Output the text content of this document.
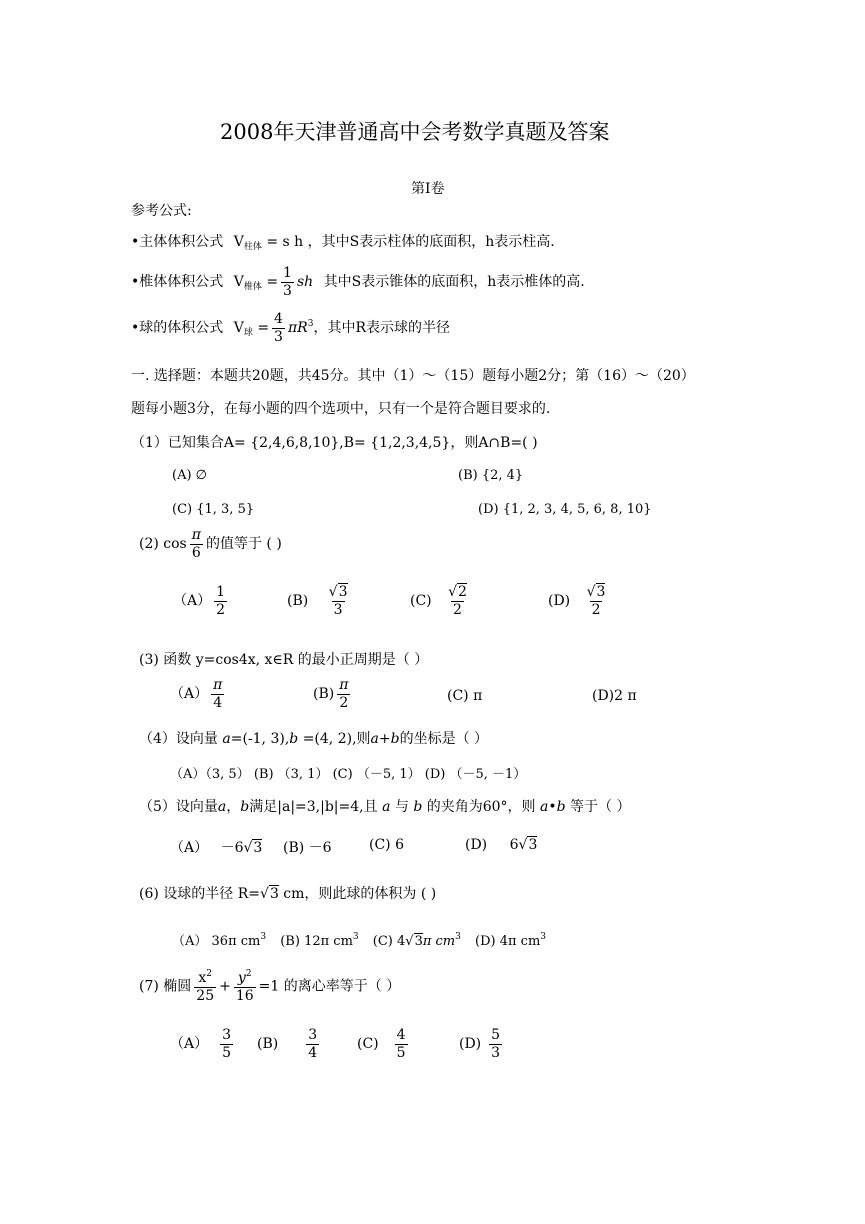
2008年天津普通高中会考数学真题及答案
第Ⅰ卷
参考公式:
•主体体积公式 $V_{柱体} = s$ h ，其中S表示柱体的底面积，h表示柱高.
•椎体体积公式 $V_{椎体} = \frac{1}{3}$ sh 其中S表示锥体的底面积，h表示椎体的高.
•球的体积公式 $V_球 = \frac{4}{3} \pi R^3$，其中R表示球的半径
一. 选择题：本题共20题，共45分。其中（1）～（15）题每小题2分；第（16）～（20）
题每小题3分，在每小题的四个选项中，只有一个是符合题目要求的.
（1）已知集合A= {2,4,6,8,10},B= {1,2,3,4,5}，则A∩B=( )
(A) ∅	(B) {2, 4}
(C) {1, 3, 5}	(D) {1, 2, 3, 4, 5, 6, 8, 10}
(2) $\cos \frac{\pi}{6}$ 的值等于 ( )
$(A) \frac{1}{2}$	$(B) \frac{√3}{3}$	$(C) \frac{√2}{2}$	$(D) \frac{√3}{2}$
(3) 函数 y=cos4x, x∈R 的最小正周期是（ ）
$(A) \frac{\pi}{4}$	$(B) \frac{\pi}{2}$	(C) π	(D)2 π
（4）设向量 a=(-1, 3),b =(4, 2),则a+b的坐标是（ ）
（A）（3, 5） (B) （3, 1） (C) （－5, 1） (D) （－5, －1）
（5）设向量a，b满足|a|=3,|b|=4,且 a 与 b 的夹角为60°，则 a•b 等于（ ）
（A） －6√3 (B) －6	(C) 6	(D) 6√3
(6) 设球的半径 R=√3 cm，则此球的体积为 ( )
（A） 36π $cm^3$ (B) 12π $cm^3$ (C) 4√3π $cm^3$ (D) 4π $cm^3$
(7) 椭圆 $\frac{x^2}{25} + \frac{y^2}{16} =1$ 的离心率等于（ ）
$(A) \frac{3}{5} (B) \frac{3}{4}$	$(C) \frac{4}{5}$	$(D) \frac{5}{3}$
